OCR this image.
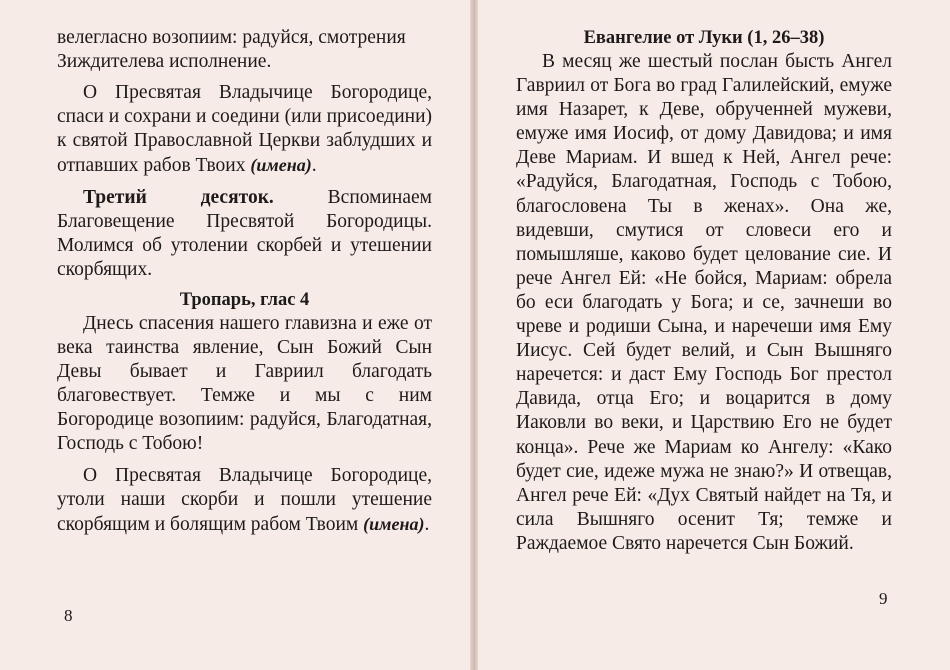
велегласно возопиим: радуйся, смотрения
Зиждителева исполнение.

О Пресвятая Владычице Богородице, спаси и сохрани и соедини (или присоедини) к святой Православной Церкви заблудших и отпавших рабов Твоих (имена).

Третий десяток.	Вспоминаем Благовещение Пресвятой Богородицы. Молимся об утолении скорбей и утешении скорбящих.

Тропарь, глас 4

Днесь спасения нашего главизна и еже от века таинства явление, Сын Божий Сын Девы бывает и Гавриил благодать благовествует. Темже и мы с ним Богородице возопиим: радуйся, Благодатная, Господь с Тобою!

О Пресвятая Владычице Богородице, утоли наши скорби и пошли утешение скорбящим и болящим рабом Твоим (имена).

8

Евангелие от Луки (1, 26–38)

В месяц же шестый послан бысть Ангел Гавриил от Бога во град Галилейский, емуже имя Назарет, к Деве, обрученней мужеви, емуже имя Иосиф, от дому Давидова; и имя Деве Мариам. И вшед к Ней, Ангел рече: «Радуйся, Благодатная, Господь с Тобою, благословена Ты в женах». Она же, видевши, смутися от словеси его и помышляше, каково будет целование сие. И рече Ангел Ей: «Не бойся, Мариам: обрела бо еси благодать у Бога; и се, зачнеши во чреве и родиши Сына, и наречеши имя Ему Иисус. Сей будет велий, и Сын Вышняго наречется: и даст Ему Господь Бог престол Давида, отца Его; и воцарится в дому Иаковли во веки, и Царствию Его не будет конца». Рече же Мариам ко Ангелу: «Како будет сие, идеже мужа не знаю?» И отвещав, Ангел рече Ей: «Дух Святый найдет на Тя, и сила Вышняго осенит Тя; темже и Раждаемое Свято наречется Сын Божий.

9
